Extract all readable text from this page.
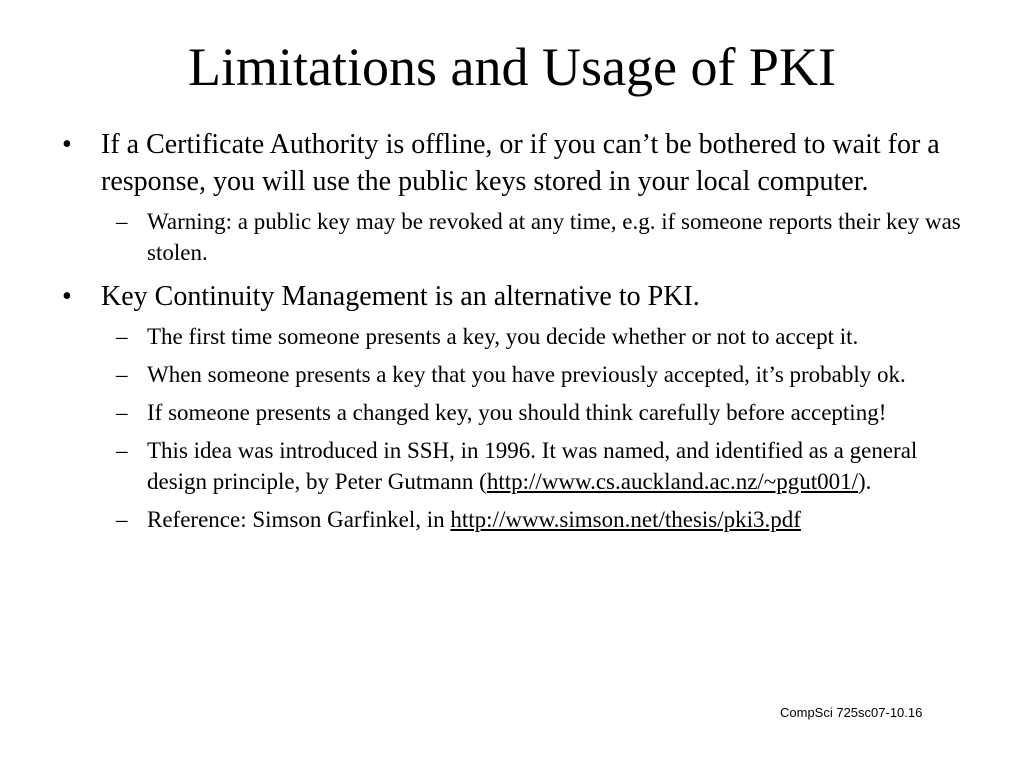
Limitations and Usage of PKI
• If a Certificate Authority is offline, or if you can’t be bothered to wait for a response, you will use the public keys stored in your local computer.
– Warning: a public key may be revoked at any time, e.g. if someone reports their key was stolen.
• Key Continuity Management is an alternative to PKI.
– The first time someone presents a key, you decide whether or not to accept it.
– When someone presents a key that you have previously accepted, it’s probably ok.
– If someone presents a changed key, you should think carefully before accepting!
– This idea was introduced in SSH, in 1996. It was named, and identified as a general design principle, by Peter Gutmann (http://www.cs.auckland.ac.nz/~pgut001/).
– Reference: Simson Garfinkel, in http://www.simson.net/thesis/pki3.pdf
CompSci 725sc07-10.16
